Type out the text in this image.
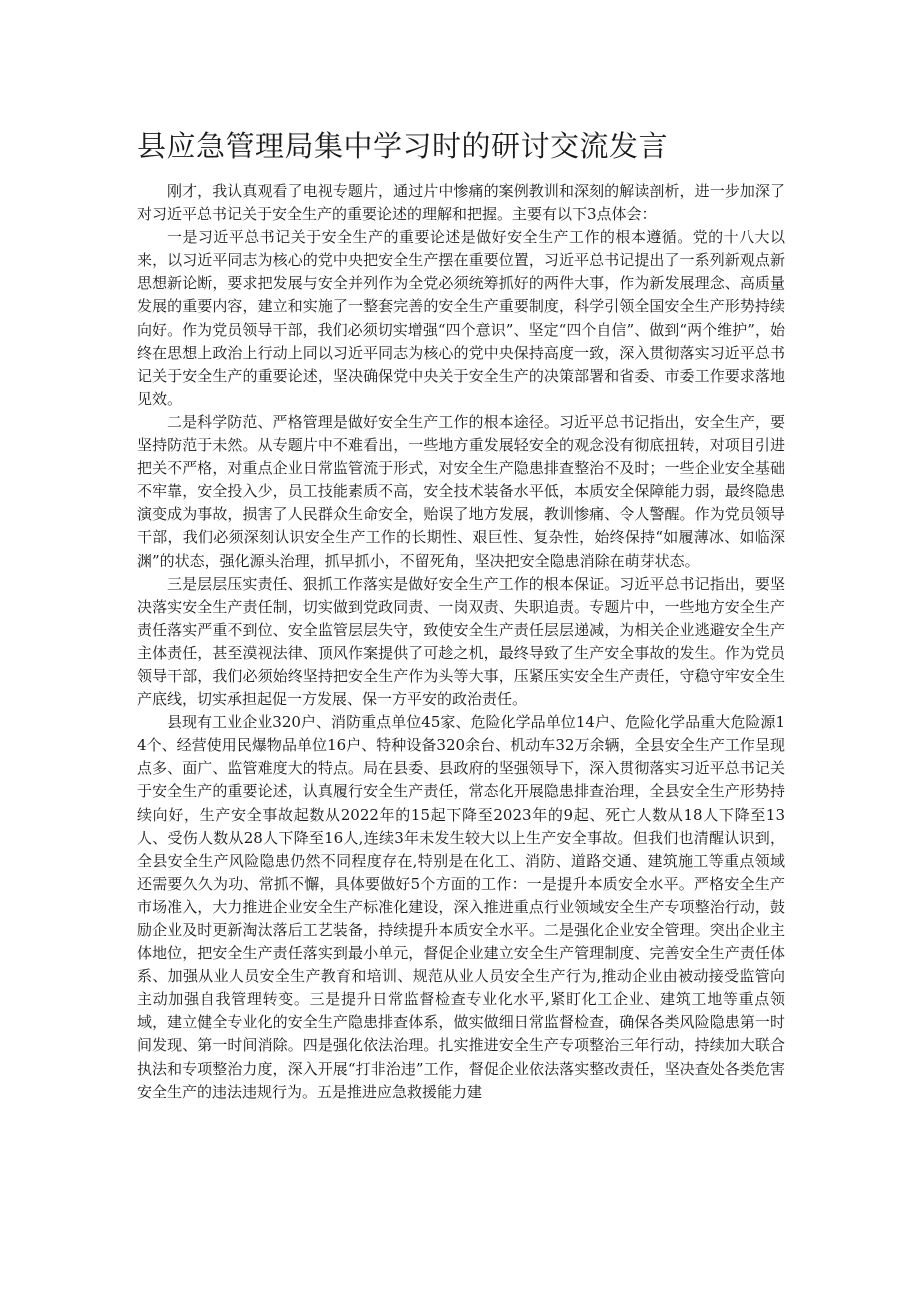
县应急管理局集中学习时的研讨交流发言

刚才，我认真观看了电视专题片，通过片中惨痛的案例教训和深刻的解读剖析，进一步加深了对习近平总书记关于安全生产的重要论述的理解和把握。主要有以下3点体会：

一是习近平总书记关于安全生产的重要论述是做好安全生产工作的根本遵循。党的十八大以来，以习近平同志为核心的党中央把安全生产摆在重要位置，习近平总书记提出了一系列新观点新思想新论断，要求把发展与安全并列作为全党必须统筹抓好的两件大事，作为新发展理念、高质量发展的重要内容，建立和实施了一整套完善的安全生产重要制度，科学引领全国安全生产形势持续向好。作为党员领导干部，我们必须切实增强“四个意识”、坚定“四个自信”、做到“两个维护”，始终在思想上政治上行动上同以习近平同志为核心的党中央保持高度一致，深入贯彻落实习近平总书记关于安全生产的重要论述，坚决确保党中央关于安全生产的决策部署和省委、市委工作要求落地见效。

二是科学防范、严格管理是做好安全生产工作的根本途径。习近平总书记指出，安全生产，要坚持防范于未然。从专题片中不难看出，一些地方重发展轻安全的观念没有彻底扭转，对项目引进把关不严格，对重点企业日常监管流于形式，对安全生产隐患排查整治不及时；一些企业安全基础不牢靠，安全投入少，员工技能素质不高，安全技术装备水平低，本质安全保障能力弱，最终隐患演变成为事故，损害了人民群众生命安全，贻误了地方发展，教训惨痛、令人警醒。作为党员领导干部，我们必须深刻认识安全生产工作的长期性、艰巨性、复杂性，始终保持“如履薄冰、如临深渊”的状态，强化源头治理，抓早抓小，不留死角，坚决把安全隐患消除在萌芽状态。

三是层层压实责任、狠抓工作落实是做好安全生产工作的根本保证。习近平总书记指出，要坚决落实安全生产责任制，切实做到党政同责、一岗双责、失职追责。专题片中，一些地方安全生产责任落实严重不到位、安全监管层层失守，致使安全生产责任层层递减，为相关企业逃避安全生产主体责任，甚至漠视法律、顶风作案提供了可趁之机，最终导致了生产安全事故的发生。作为党员领导干部，我们必须始终坚持把安全生产作为头等大事，压紧压实安全生产责任，守稳守牢安全生产底线，切实承担起促一方发展、保一方平安的政治责任。

县现有工业企业320户、消防重点单位45家、危险化学品单位14户、危险化学品重大危险源14个、经营使用民爆物品单位16户、特种设备320余台、机动车32万余辆，全县安全生产工作呈现点多、面广、监管难度大的特点。局在县委、县政府的坚强领导下，深入贯彻落实习近平总书记关于安全生产的重要论述，认真履行安全生产责任，常态化开展隐患排查治理，全县安全生产形势持续向好，生产安全事故起数从2022年的15起下降至2023年的9起、死亡人数从18人下降至13人、受伤人数从28人下降至16人,连续3年未发生较大以上生产安全事故。但我们也清醒认识到，全县安全生产风险隐患仍然不同程度存在,特别是在化工、消防、道路交通、建筑施工等重点领域还需要久久为功、常抓不懈，具体要做好5个方面的工作：一是提升本质安全水平。严格安全生产市场准入，大力推进企业安全生产标准化建设，深入推进重点行业领域安全生产专项整治行动，鼓励企业及时更新淘汰落后工艺装备，持续提升本质安全水平。二是强化企业安全管理。突出企业主体地位，把安全生产责任落实到最小单元，督促企业建立安全生产管理制度、完善安全生产责任体系、加强从业人员安全生产教育和培训、规范从业人员安全生产行为,推动企业由被动接受监管向主动加强自我管理转变。三是提升日常监督检查专业化水平,紧盯化工企业、建筑工地等重点领域，建立健全专业化的安全生产隐患排查体系，做实做细日常监督检查，确保各类风险隐患第一时间发现、第一时间消除。四是强化依法治理。扎实推进安全生产专项整治三年行动，持续加大联合执法和专项整治力度，深入开展“打非治违”工作，督促企业依法落实整改责任，坚决查处各类危害安全生产的违法违规行为。五是推进应急救援能力建
